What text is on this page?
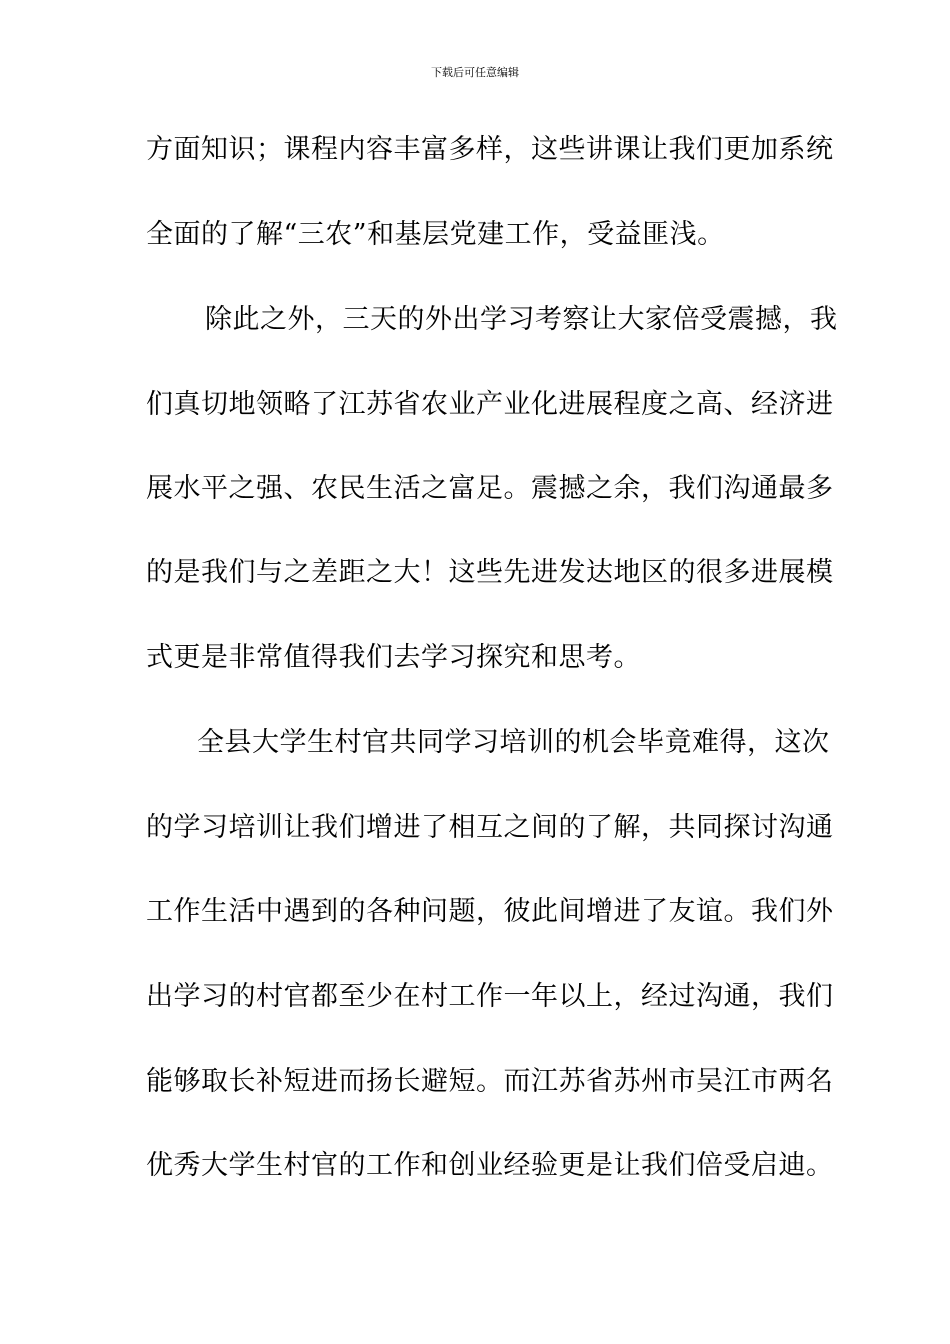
下载后可任意编辑
方面知识；课程内容丰富多样，这些讲课让我们更加系统
全面的了解“三农”和基层党建工作，受益匪浅。
除此之外，三天的外出学习考察让大家倍受震撼，我
们真切地领略了江苏省农业产业化进展程度之高、经济进
展水平之强、农民生活之富足。震撼之余，我们沟通最多
的是我们与之差距之大！这些先进发达地区的很多进展模
式更是非常值得我们去学习探究和思考。
全县大学生村官共同学习培训的机会毕竟难得，这次
的学习培训让我们增进了相互之间的了解，共同探讨沟通
工作生活中遇到的各种问题，彼此间增进了友谊。我们外
出学习的村官都至少在村工作一年以上，经过沟通，我们
能够取长补短进而扬长避短。而江苏省苏州市吴江市两名
优秀大学生村官的工作和创业经验更是让我们倍受启迪。
